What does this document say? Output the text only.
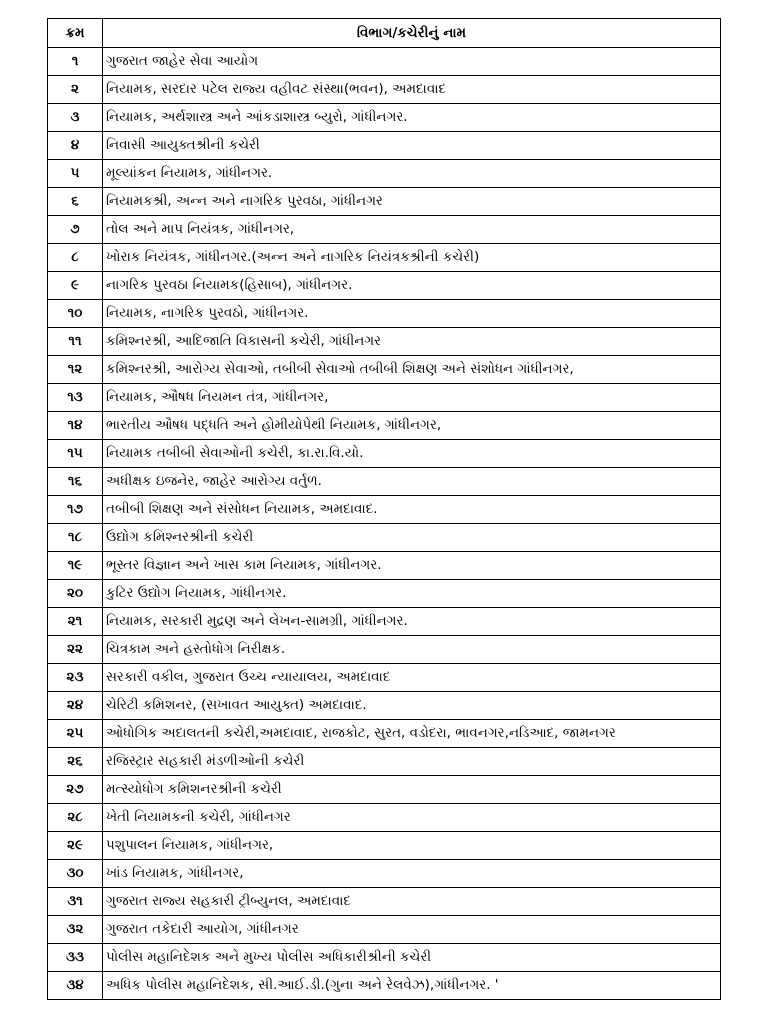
ક્રમ	વિભાગ/કચેરીનું નામ
૧	ગુજરાત જાહેર સેવા આયોગ
૨	નિયામક, સરદાર પટેલ રાજ્ય વહીવટ સંસ્થા(ભવન), અમદાવાદ
૩	નિયામક, અર્થશાસ્ત્ર અને આંકડાશાસ્ત્ર બ્યુરો, ગાંધીનગર.
૪	નિવાસી આયુક્તશ્રીની કચેરી
૫	મૂલ્યાંકન નિયામક, ગાંધીનગર.
૬	નિયામકશ્રી, અન્ન અને નાગરિક પુરવઠા, ગાંધીનગર
૭	તોલ અને માપ નિયંત્રક, ગાંધીનગર,
૮	ખોરાક નિયંત્રક, ગાંધીનગર.(અન્ન અને નાગરિક નિયંત્રકશ્રીની કચેરી)
૯	નાગરિક પુરવઠા નિયામક(હિસાબ), ગાંધીનગર.
૧૦	નિયામક, નાગરિક પુરવઠો, ગાંધીનગર.
૧૧	કમિશ્નરશ્રી, આદિજાતિ વિકાસની કચેરી, ગાંધીનગર
૧૨	કમિશ્નરશ્રી, આરોગ્ય સેવાઓ, તબીબી સેવાઓ તબીબી શિક્ષણ અને સંશોધન ગાંધીનગર,
૧૩	નિયામક, ઔષધ નિયમન તંત્ર, ગાંધીનગર,
૧૪	ભારતીય ઔષધ પદ્ધતિ અને હોમીયોપેથી નિયામક, ગાંધીનગર,
૧૫	નિયામક તબીબી સેવાઓની કચેરી, કા.રા.વિ.યો.
૧૬	અધીક્ષક ઇજનેર, જાહેર આરોગ્ય વર્તુળ.
૧૭	તબીબી શિક્ષણ અને સંસોધન નિયામક, અમદાવાદ.
૧૮	ઉદ્યોગ કમિશ્નરશ્રીની કચેરી
૧૯	ભૂસ્તર વિજ્ઞાન અને ખાસ કામ નિયામક, ગાંધીનગર.
૨૦	કુટિર ઉદ્યોગ નિયામક, ગાંધીનગર.
૨૧	નિયામક, સરકારી મુદ્રણ અને લેખન-સામગ્રી, ગાંધીનગર.
૨૨	ચિત્રકામ અને હસ્તોધોગ નિરીક્ષક.
૨૩	સરકારી વકીલ, ગુજરાત ઉચ્ચ ન્યાયાલય, અમદાવાદ
૨૪	ચેરિટી કમિશનર, (સખાવત આયુક્ત) અમદાવાદ.
૨૫	ઓધોગિક અદાલતની કચેરી,અમદાવાદ, રાજકોટ, સુરત, વડોદરા, ભાવનગર,નડિઆદ, જામનગર
૨૬	રજિસ્ટ્રાર સહકારી મંડળીઓની કચેરી
૨૭	મત્સ્યોધોગ કમિશનરશ્રીની કચેરી
૨૮	ખેતી નિયામકની કચેરી, ગાંધીનગર
૨૯	પશુપાલન નિયામક, ગાંધીનગર,
૩૦	ખાંડ નિયામક, ગાંધીનગર,
૩૧	ગુજરાત રાજ્ય સહકારી ટ્રીબ્યુનલ, અમદાવાદ
૩૨	ગુજરાત તકેદારી આયોગ, ગાંધીનગર
૩૩	પોલીસ મહાનિદેશક અને મુખ્ય પોલીસ અધિકારીશ્રીની કચેરી
૩૪	અધિક પોલીસ મહાનિદેશક, સી.આઈ.ડી.(ગુના અને રેલવેઝ),ગાંધીનગર. '
